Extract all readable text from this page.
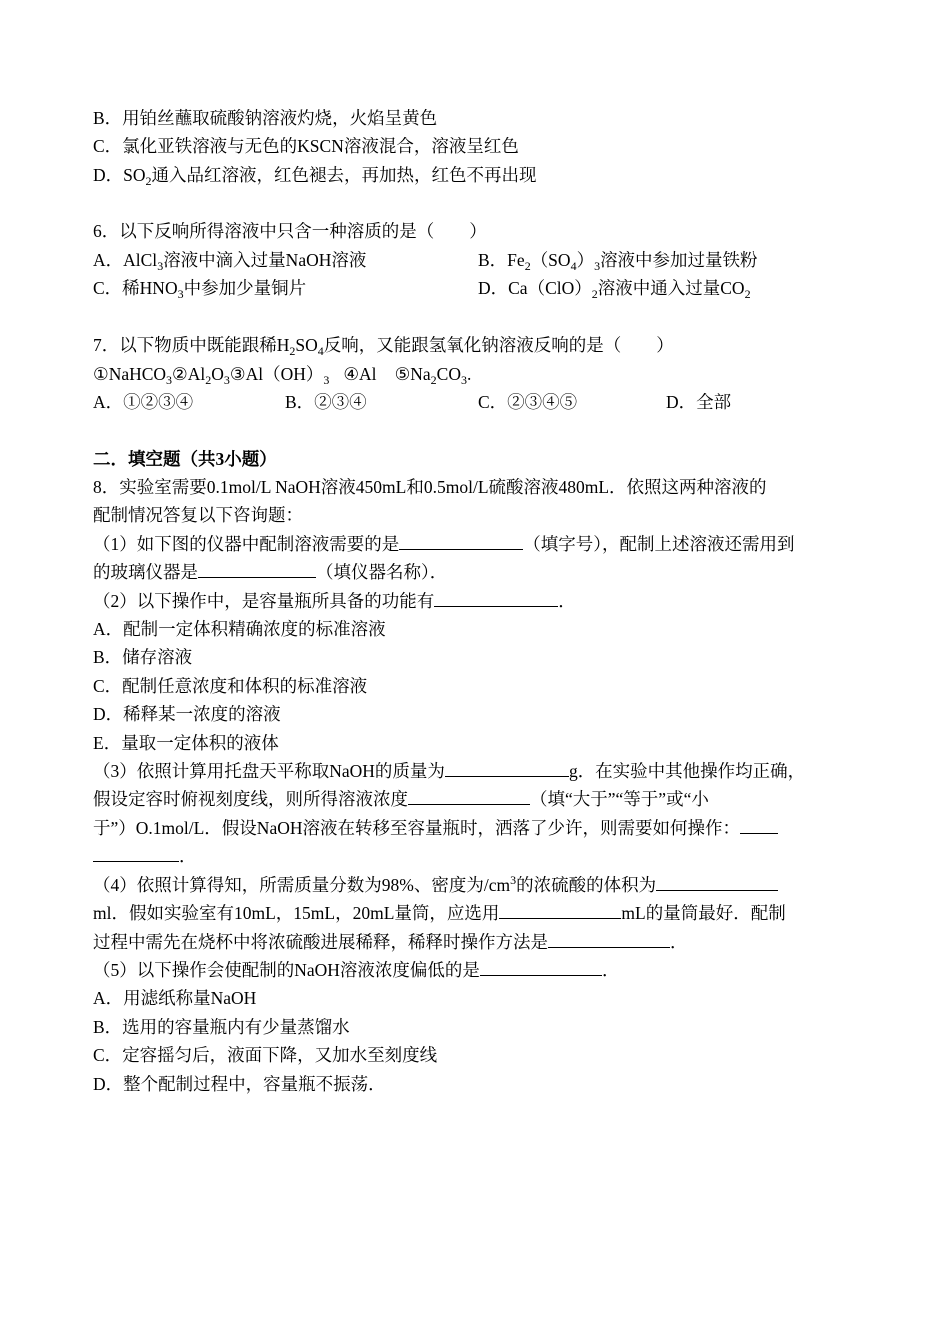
B．用铂丝蘸取硫酸钠溶液灼烧，火焰呈黄色
C．氯化亚铁溶液与无色的KSCN溶液混合，溶液呈红色
D．$SO_2$通入品红溶液，红色褪去，再加热，红色不再出现
6．以下反响所得溶液中只含一种溶质的是（　　）
A．AlCl$_3$溶液中滴入过量NaOH溶液	B．$Fe_2(SO_4)_3$溶液中参加过量铁粉
C．稀$HNO_3$中参加少量铜片	D．$Ca(ClO)_2$溶液中通入过量$CO_2$
7．以下物质中既能跟稀$H_2SO_4$反响，又能跟氢氧化钠溶液反响的是（　　）
$①NaHCO_3②Al_2O_3③Al(OH)_3$ ④Al $⑤Na_2CO_3$.
A．①②③④	B．②③④	C．②③④⑤	D．全部
二．填空题（共3小题）
8．实验室需要0.1mol/L NaOH溶液450mL和0.5mol/L硫酸溶液480mL．依照这两种溶液的
配制情况答复以下咨询题：
（1）如下图的仪器中配制溶液需要的是	（填字号），配制上述溶液还需用到
的玻璃仪器是	（填仪器名称）．
（2）以下操作中，是容量瓶所具备的功能有	．
A．配制一定体积精确浓度的标准溶液
B．储存溶液
C．配制任意浓度和体积的标准溶液
D．稀释某一浓度的溶液
E．量取一定体积的液体
（3）依照计算用托盘天平称取NaOH的质量为	g．在实验中其他操作均正确，
假设定容时俯视刻度线，则所得溶液浓度	（填“大于”“等于”或“小
于”）O.1mol/L．假设NaOH溶液在转移至容量瓶时，洒落了少许，则需要如何操作：
．
（4）依照计算得知，所需质量分数为98%、密度为$/cm^3$的浓硫酸的体积为
ml．假如实验室有10mL，15mL，20mL量筒，应选用	mL的量筒最好．配制
过程中需先在烧杯中将浓硫酸进展稀释，稀释时操作方法是	．
（5）以下操作会使配制的NaOH溶液浓度偏低的是	．
A．用滤纸称量NaOH
B．选用的容量瓶内有少量蒸馏水
C．定容摇匀后，液面下降，又加水至刻度线
D．整个配制过程中，容量瓶不振荡．
